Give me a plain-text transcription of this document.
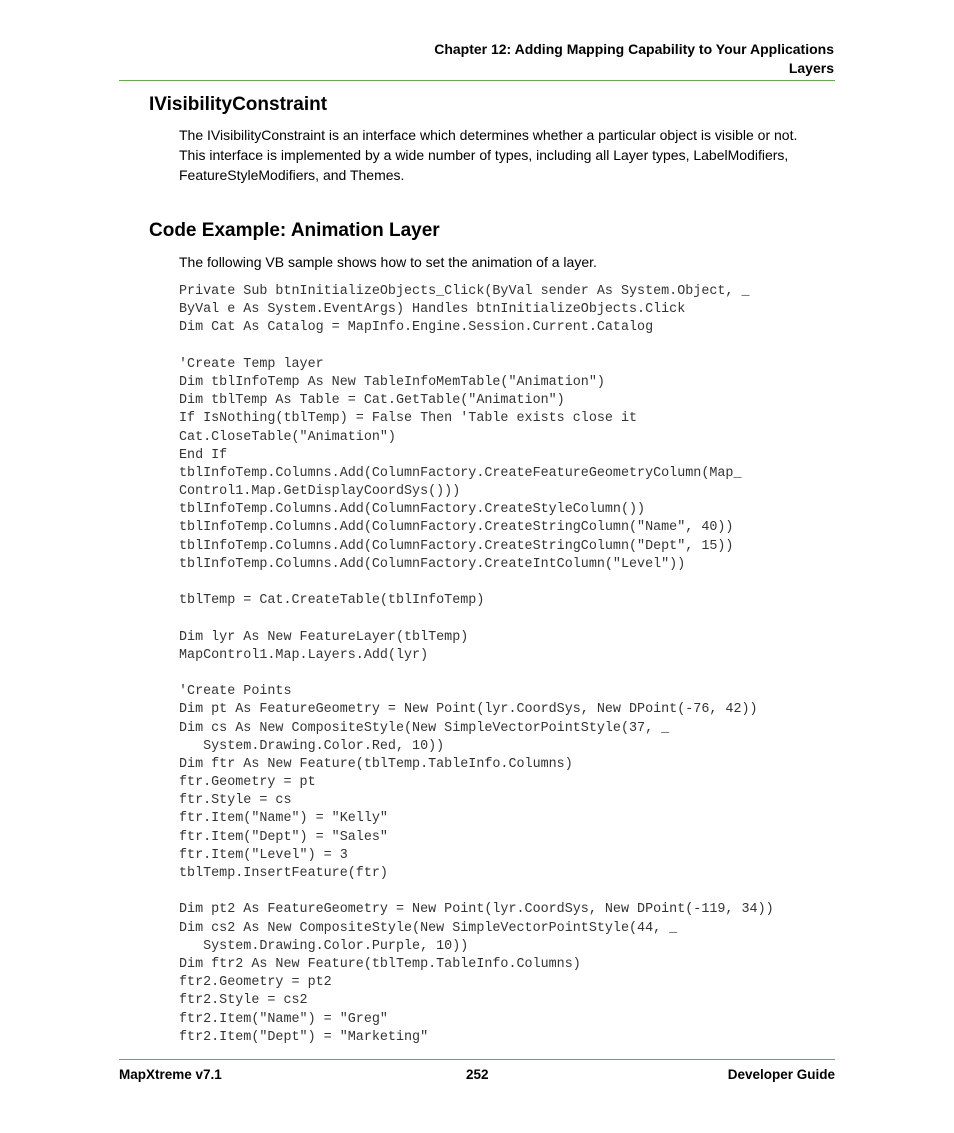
Chapter 12: Adding Mapping Capability to Your Applications
Layers
IVisibilityConstraint
The IVisibilityConstraint is an interface which determines whether a particular object is visible or not.
This interface is implemented by a wide number of types, including all Layer types, LabelModifiers,
FeatureStyleModifiers, and Themes.
Code Example: Animation Layer
The following VB sample shows how to set the animation of a layer.
Private Sub btnInitializeObjects_Click(ByVal sender As System.Object, _
ByVal e As System.EventArgs) Handles btnInitializeObjects.Click
Dim Cat As Catalog = MapInfo.Engine.Session.Current.Catalog
'Create Temp layer
Dim tblInfoTemp As New TableInfoMemTable("Animation")
Dim tblTemp As Table = Cat.GetTable("Animation")
If IsNothing(tblTemp) = False Then 'Table exists close it
Cat.CloseTable("Animation")
End If
tblInfoTemp.Columns.Add(ColumnFactory.CreateFeatureGeometryColumn(Map_
Control1.Map.GetDisplayCoordSys()))
tblInfoTemp.Columns.Add(ColumnFactory.CreateStyleColumn())
tblInfoTemp.Columns.Add(ColumnFactory.CreateStringColumn("Name", 40))
tblInfoTemp.Columns.Add(ColumnFactory.CreateStringColumn("Dept", 15))
tblInfoTemp.Columns.Add(ColumnFactory.CreateIntColumn("Level"))
tblTemp = Cat.CreateTable(tblInfoTemp)
Dim lyr As New FeatureLayer(tblTemp)
MapControl1.Map.Layers.Add(lyr)
'Create Points
Dim pt As FeatureGeometry = New Point(lyr.CoordSys, New DPoint(-76, 42))
Dim cs As New CompositeStyle(New SimpleVectorPointStyle(37, _
System.Drawing.Color.Red, 10))
Dim ftr As New Feature(tblTemp.TableInfo.Columns)
ftr.Geometry = pt
ftr.Style = cs
ftr.Item("Name") = "Kelly"
ftr.Item("Dept") = "Sales"
ftr.Item("Level") = 3
tblTemp.InsertFeature(ftr)
Dim pt2 As FeatureGeometry = New Point(lyr.CoordSys, New DPoint(-119, 34))
Dim cs2 As New CompositeStyle(New SimpleVectorPointStyle(44, _
System.Drawing.Color.Purple, 10))
Dim ftr2 As New Feature(tblTemp.TableInfo.Columns)
ftr2.Geometry = pt2
ftr2.Style = cs2
ftr2.Item("Name") = "Greg"
ftr2.Item("Dept") = "Marketing"
MapXtreme v7.1	252	Developer Guide
